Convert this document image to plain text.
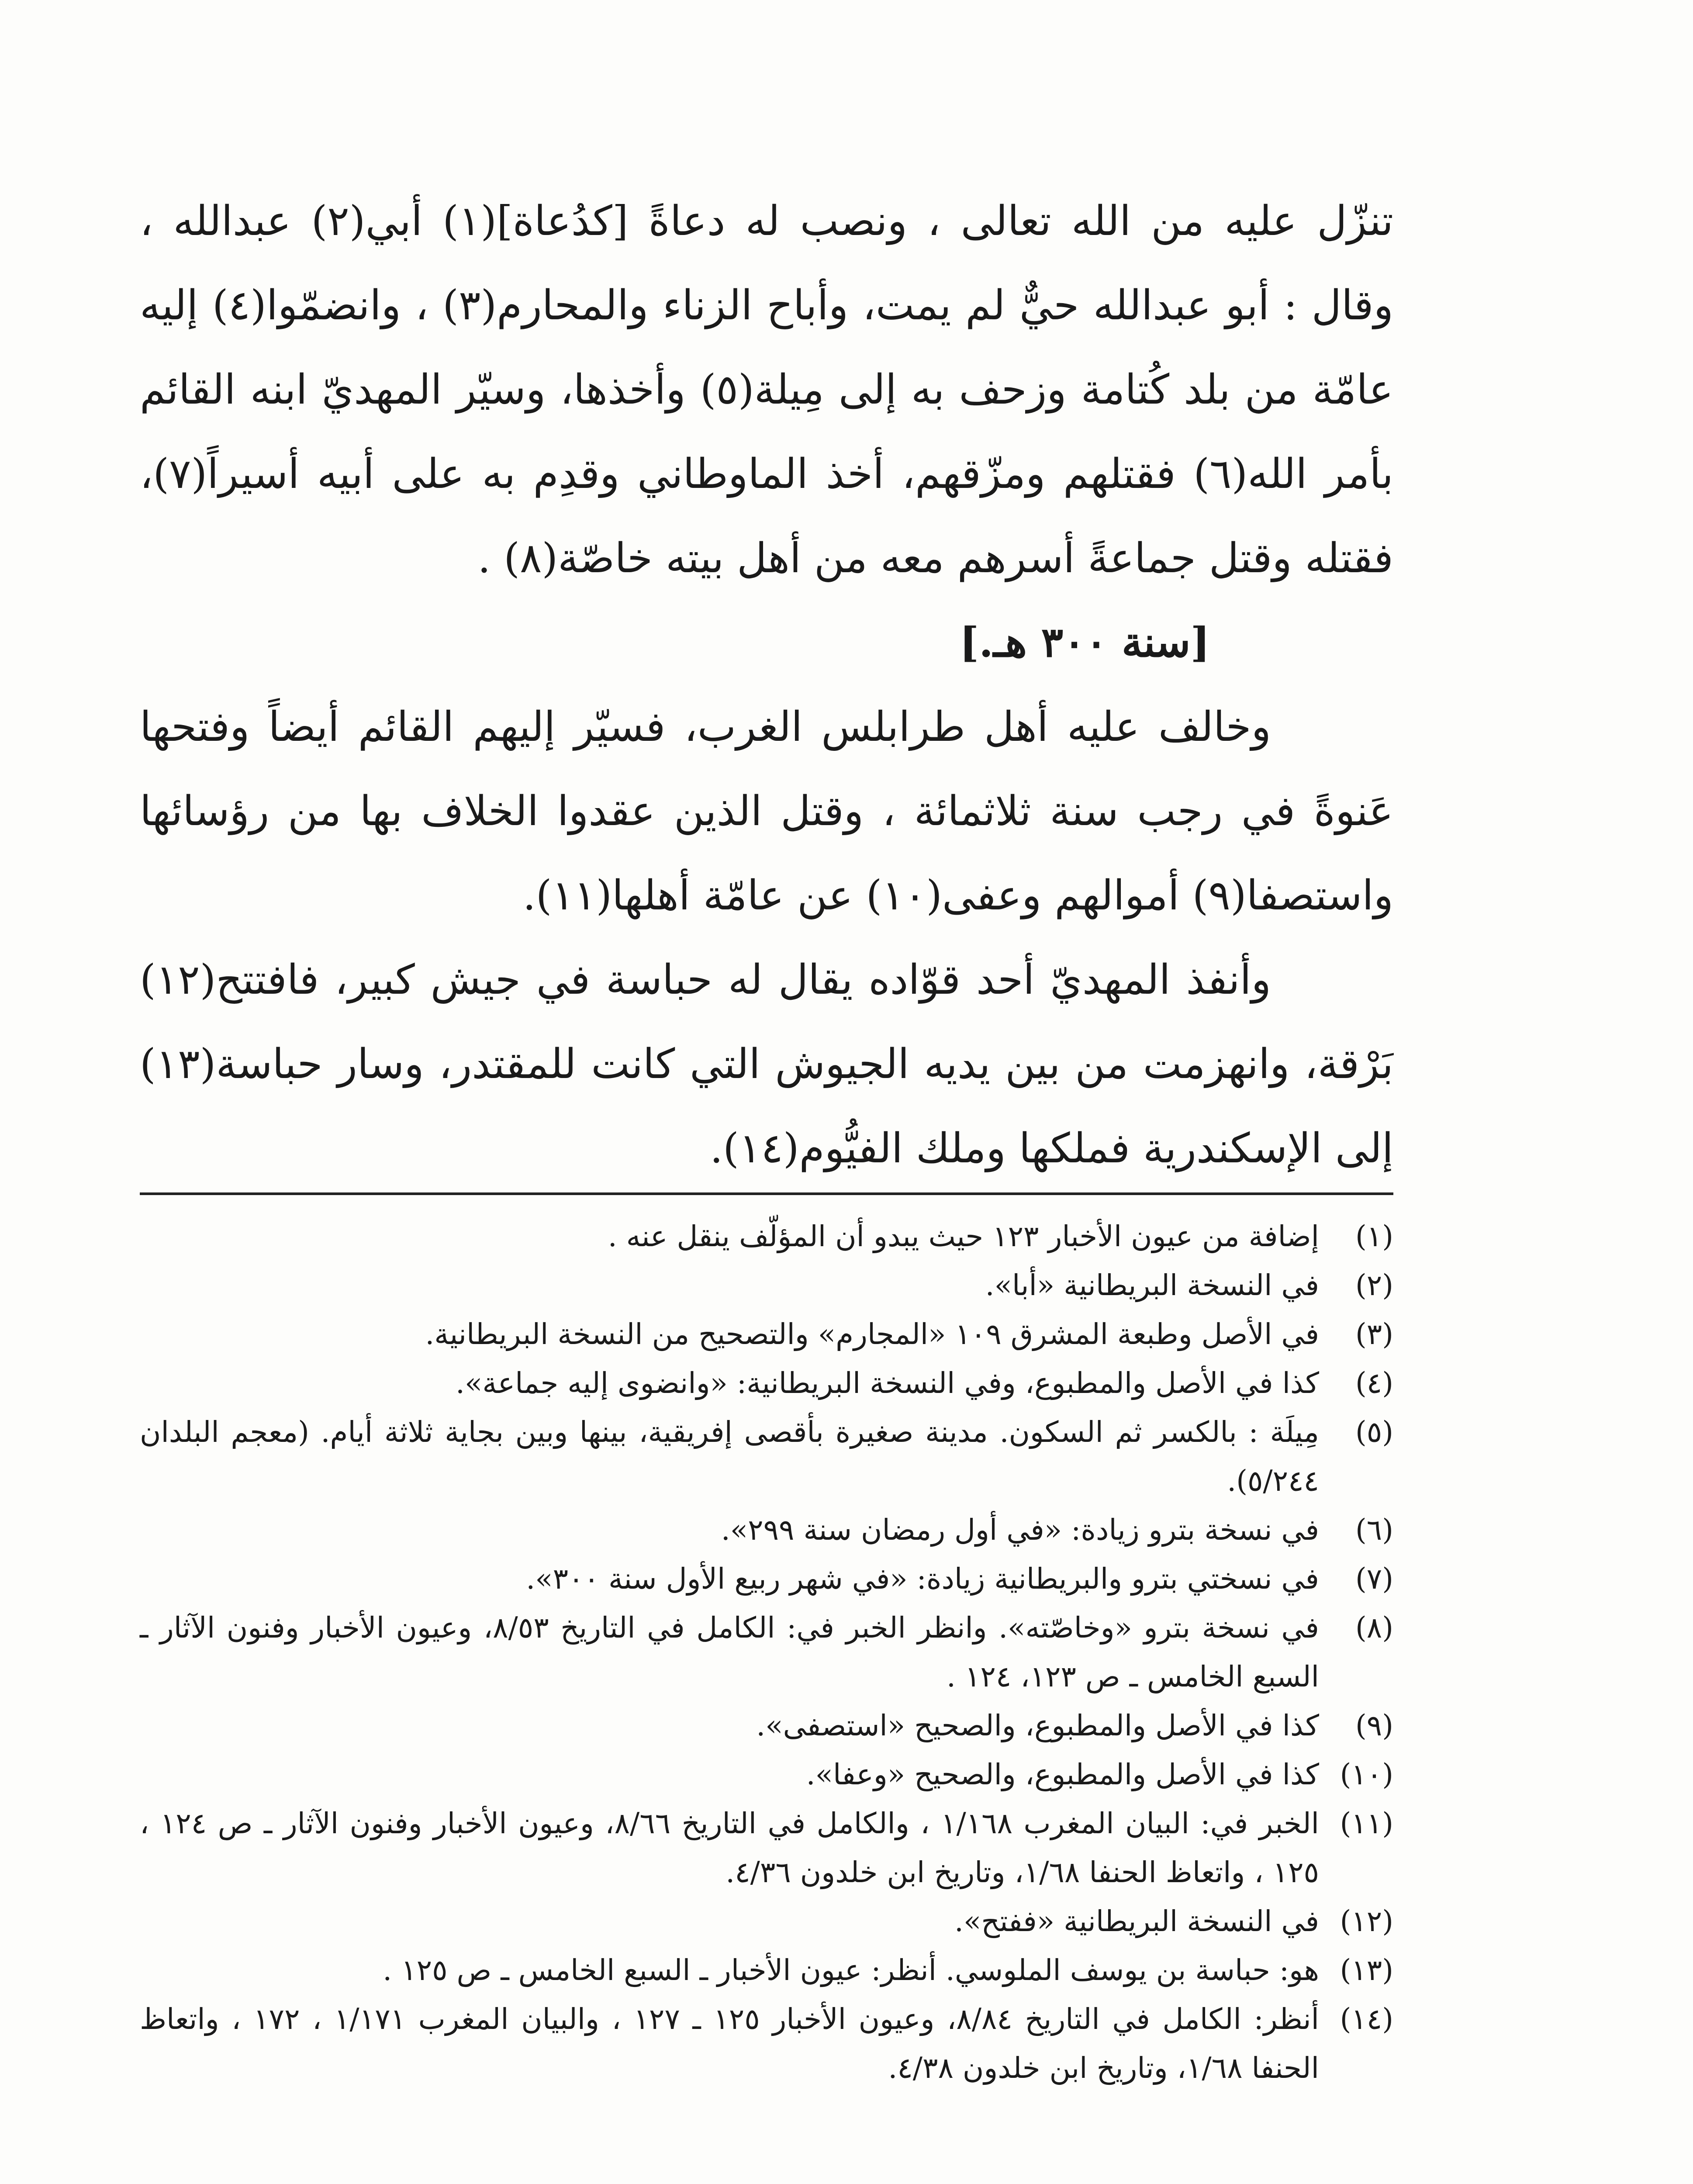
تنزّل عليه من الله تعالى ، ونصب له دعاةً [كدُعاة](١) أبي(٢) عبدالله ، وقال : أبو عبدالله حيٌّ لم يمت، وأباح الزناء والمحارم(٣) ، وانضمّوا(٤) إليه عامّة من بلد كُتامة وزحف به إلى مِيلة(٥) وأخذها، وسيّر المهديّ ابنه القائم بأمر الله(٦) فقتلهم ومزّقهم، أخذ الماوطاني وقدِم به على أبيه أسيراً(٧)، فقتله وقتل جماعةً أسرهم معه من أهل بيته خاصّة(٨) .

[سنة ٣٠٠ هـ.]

وخالف عليه أهل طرابلس الغرب، فسيّر إليهم القائم أيضاً وفتحها عَنوةً في رجب سنة ثلاثمائة ، وقتل الذين عقدوا الخلاف بها من رؤسائها واستصفا(٩) أموالهم وعفى(١٠) عن عامّة أهلها(١١).

وأنفذ المهديّ أحد قوّاده يقال له حباسة في جيش كبير، فافتتح(١٢) بَرْقة، وانهزمت من بين يديه الجيوش التي كانت للمقتدر، وسار حباسة(١٣) إلى الإسكندرية فملكها وملك الفيُّوم(١٤).

(١)
إضافة من عيون الأخبار ١٢٣ حيث يبدو أن المؤلّف ينقل عنه .
(٢)
في النسخة البريطانية «أبا».
(٣)
في الأصل وطبعة المشرق ١٠٩ «المجارم» والتصحيح من النسخة البريطانية.
(٤)
كذا في الأصل والمطبوع، وفي النسخة البريطانية: «وانضوى إليه جماعة».
(٥)
مِيلَة : بالكسر ثم السكون. مدينة صغيرة بأقصى إفريقية، بينها وبين بجاية ثلاثة أيام. (معجم البلدان ٥/٢٤٤).
(٦)
في نسخة بترو زيادة: «في أول رمضان سنة ٢٩٩».
(٧)
في نسختي بترو والبريطانية زيادة: «في شهر ربيع الأول سنة ٣٠٠».
(٨)
في نسخة بترو «وخاصّته». وانظر الخبر في: الكامل في التاريخ ٨/٥٣، وعيون الأخبار وفنون الآثار ـ السبع الخامس ـ ص ١٢٣، ١٢٤ .
(٩)
كذا في الأصل والمطبوع، والصحيح «استصفى».
(١٠)
كذا في الأصل والمطبوع، والصحيح «وعفا».
(١١)
الخبر في: البيان المغرب ١/١٦٨ ، والكامل في التاريخ ٨/٦٦، وعيون الأخبار وفنون الآثار ـ ص ١٢٤ ، ١٢٥ ، واتعاظ الحنفا ١/٦٨، وتاريخ ابن خلدون ٤/٣٦.
(١٢)
في النسخة البريطانية «ففتح».
(١٣)
هو: حباسة بن يوسف الملوسي. أنظر: عيون الأخبار ـ السبع الخامس ـ ص ١٢٥ .
(١٤)
أنظر: الكامل في التاريخ ٨/٨٤، وعيون الأخبار ١٢٥ ـ ١٢٧ ، والبيان المغرب ١/١٧١ ، ١٧٢ ، واتعاظ الحنفا ١/٦٨، وتاريخ ابن خلدون ٤/٣٨.
